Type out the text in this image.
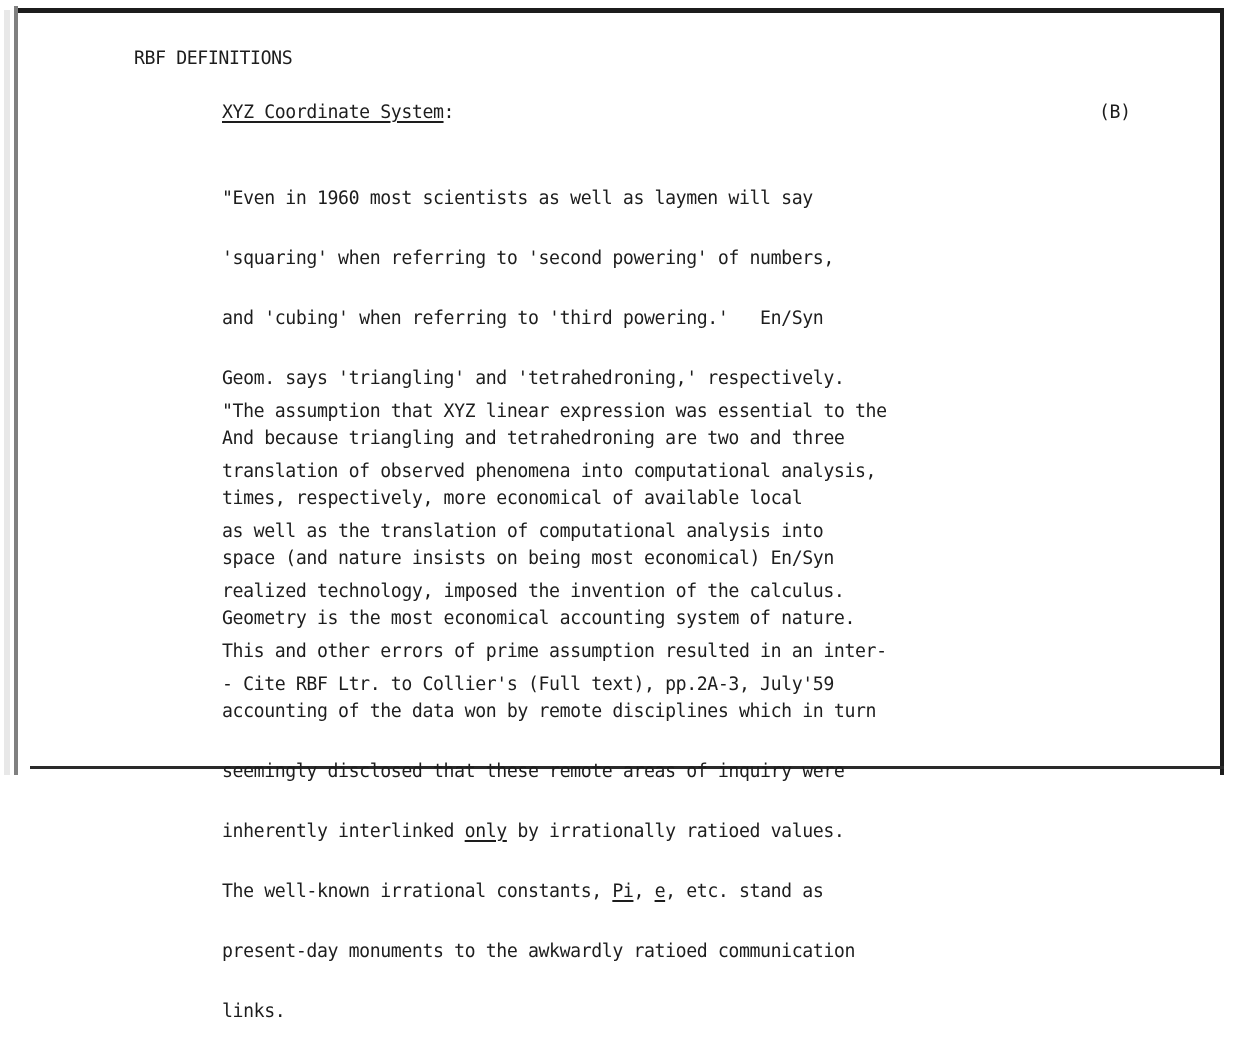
RBF DEFINITIONS
XYZ Coordinate System:	(B)

"Even in 1960 most scientists as well as laymen will say

'squaring' when referring to 'second powering' of numbers,

and 'cubing' when referring to 'third powering.'   En/Syn

Geom. says 'triangling' and 'tetrahedroning,' respectively.

And because triangling and tetrahedroning are two and three

times, respectively, more economical of available local

space (and nature insists on being most economical) En/Syn

Geometry is the most economical accounting system of nature.

"The assumption that XYZ linear expression was essential to the

translation of observed phenomena into computational analysis,

as well as the translation of computational analysis into

realized technology, imposed the invention of the calculus.

This and other errors of prime assumption resulted in an inter-

accounting of the data won by remote disciplines which in turn

seemingly disclosed that these remote areas of inquiry were

inherently interlinked only by irrationally ratioed values.

The well-known irrational constants, Pi, e, etc. stand as

present-day monuments to the awkwardly ratioed communication

links.

- Cite RBF Ltr. to Collier's (Full text), pp.2A-3, July'59
